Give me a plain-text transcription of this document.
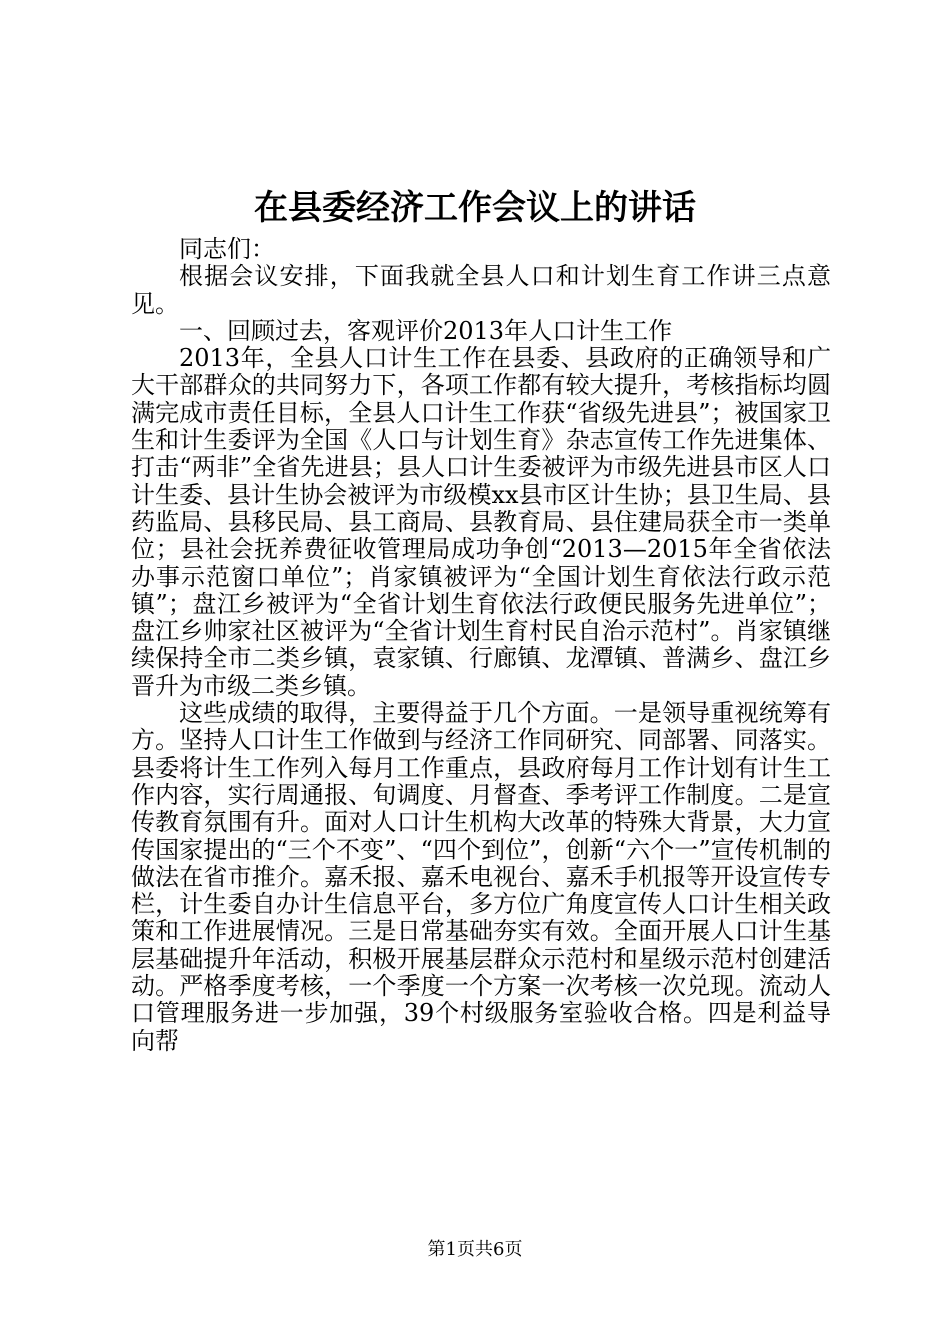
在县委经济工作会议上的讲话

同志们：

根据会议安排，下面我就全县人口和计划生育工作讲三点意见。

一、回顾过去，客观评价2013年人口计生工作

2013年，全县人口计生工作在县委、县政府的正确领导和广大干部群众的共同努力下，各项工作都有较大提升，考核指标均圆满完成市责任目标，全县人口计生工作获“省级先进县”；被国家卫生和计生委评为全国《人口与计划生育》杂志宣传工作先进集体、打击“两非”全省先进县；县人口计生委被评为市级先进县市区人口计生委、县计生协会被评为市级模xx县市区计生协；县卫生局、县药监局、县移民局、县工商局、县教育局、县住建局获全市一类单位；县社会抚养费征收管理局成功争创“2013—2015年全省依法办事示范窗口单位”；肖家镇被评为“全国计划生育依法行政示范镇”；盘江乡被评为“全省计划生育依法行政便民服务先进单位”；盘江乡帅家社区被评为“全省计划生育村民自治示范村”。肖家镇继续保持全市二类乡镇，袁家镇、行廊镇、龙潭镇、普满乡、盘江乡晋升为市级二类乡镇。

这些成绩的取得，主要得益于几个方面。一是领导重视统筹有方。坚持人口计生工作做到与经济工作同研究、同部署、同落实。县委将计生工作列入每月工作重点，县政府每月工作计划有计生工作内容，实行周通报、旬调度、月督查、季考评工作制度。二是宣传教育氛围有升。面对人口计生机构大改革的特殊大背景，大力宣传国家提出的“三个不变”、“四个到位”，创新“六个一”宣传机制的做法在省市推介。嘉禾报、嘉禾电视台、嘉禾手机报等开设宣传专栏，计生委自办计生信息平台，多方位广角度宣传人口计生相关政策和工作进展情况。三是日常基础夯实有效。全面开展人口计生基层基础提升年活动，积极开展基层群众示范村和星级示范村创建活动。严格季度考核，一个季度一个方案一次考核一次兑现。流动人口管理服务进一步加强，39个村级服务室验收合格。四是利益导向帮

第1页共6页
